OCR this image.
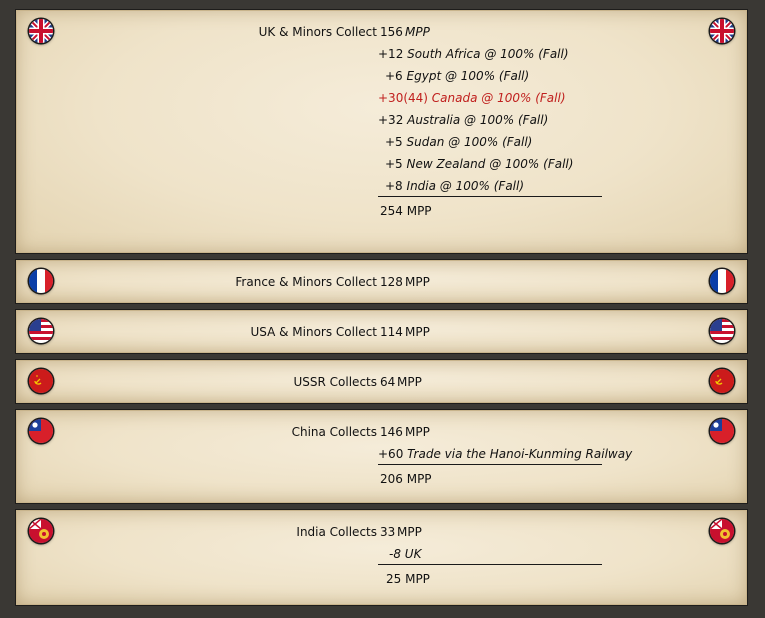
UK & Minors Collect 156 MPP
+12 South Africa @ 100% (Fall)
+6 Egypt @ 100% (Fall)
+30(44) Canada @ 100% (Fall)
+32 Australia @ 100% (Fall)
+5 Sudan @ 100% (Fall)
+5 New Zealand @ 100% (Fall)
+8 India @ 100% (Fall)
254 MPP
France & Minors Collect 128 MPP
USA & Minors Collect 114 MPP
USSR Collects 64 MPP
China Collects 146 MPP
+60 Trade via the Hanoi-Kunming Railway
206 MPP
India Collects 33 MPP
-8 UK
25 MPP
